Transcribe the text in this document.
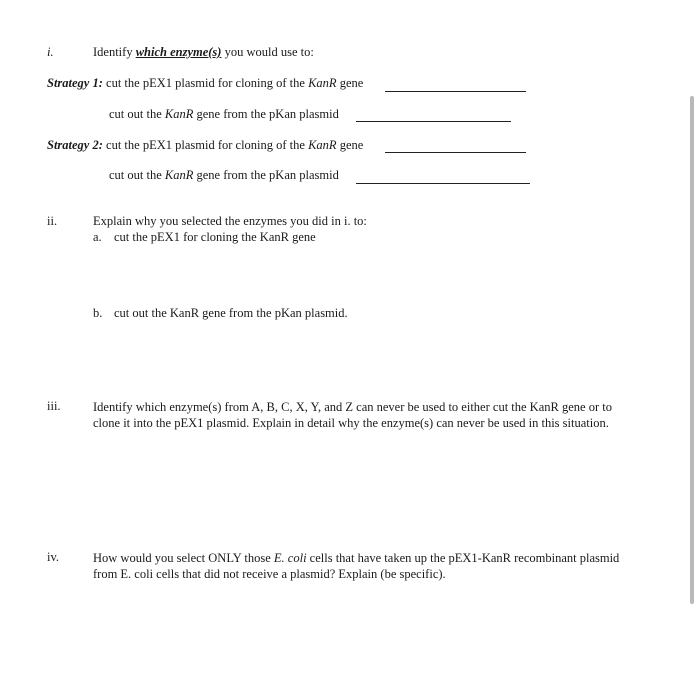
i.	Identify which enzyme(s) you would use to:
Strategy 1: cut the pEX1 plasmid for cloning of the KanR gene
cut out the KanR gene from the pKan plasmid
Strategy 2: cut the pEX1 plasmid for cloning of the KanR gene
cut out the KanR gene from the pKan plasmid
ii.	Explain why you selected the enzymes you did in i. to:
a. cut the pEX1 for cloning the KanR gene
b. cut out the KanR gene from the pKan plasmid.
iii.	Identify which enzyme(s) from A, B, C, X, Y, and Z can never be used to either cut the KanR gene or to clone it into the pEX1 plasmid. Explain in detail why the enzyme(s) can never be used in this situation.
iv.	How would you select ONLY those E. coli cells that have taken up the pEX1-KanR recombinant plasmid from E. coli cells that did not receive a plasmid? Explain (be specific).
